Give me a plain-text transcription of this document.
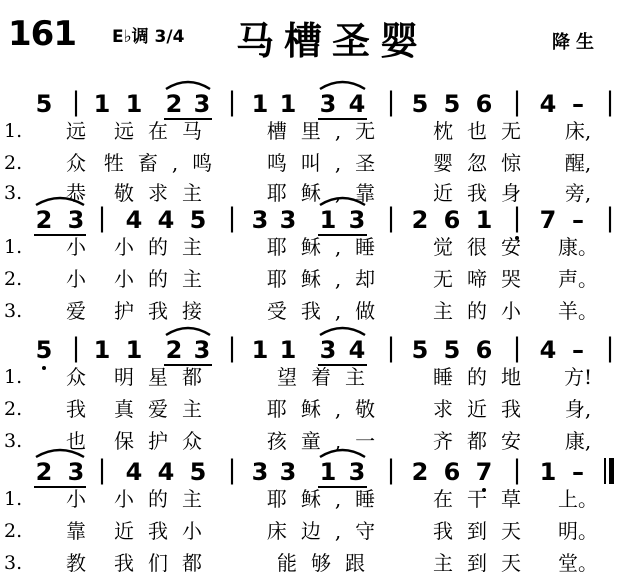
161 E♭调 3/4 马槽圣婴	降生
5 | 1 1 2 3 | 1 1 3 4 | 5 5 6 | 4 – |
1. 远 远在马	槽里,无 枕也无 床,
2. 众 牲畜,鸣 鸣叫,圣 婴忽惊 醒,
3. 恭 敬求主	耶稣,靠 近我身 旁,
2 3 | 4 4 5 | 3 3 1 3 | 2 6 1 | 7 – |
1. 小 小的主	耶稣,睡 觉很安 康。
2. 小 小的主	耶稣,却 无啼哭 声。
3. 爱 护我接	受我,做 主的小 羊。
5 | 1 1 2 3 | 1 1 3 4 | 5 5 6 | 4 – |
1. 众 明星都	望着主	睡的地 方!
2. 我 真爱主	耶稣,敬 求近我 身,
3. 也 保护众	孩童,一 齐都安 康,
2 3 | 4 4 5 | 3 3 1 3 | 2 6 7 | 1 –
1. 小 小的主	耶稣,睡 在干草 上。
2. 靠 近我小	床边,守 我到天 明。
3. 教 我们都	能够跟	主到天 堂。
